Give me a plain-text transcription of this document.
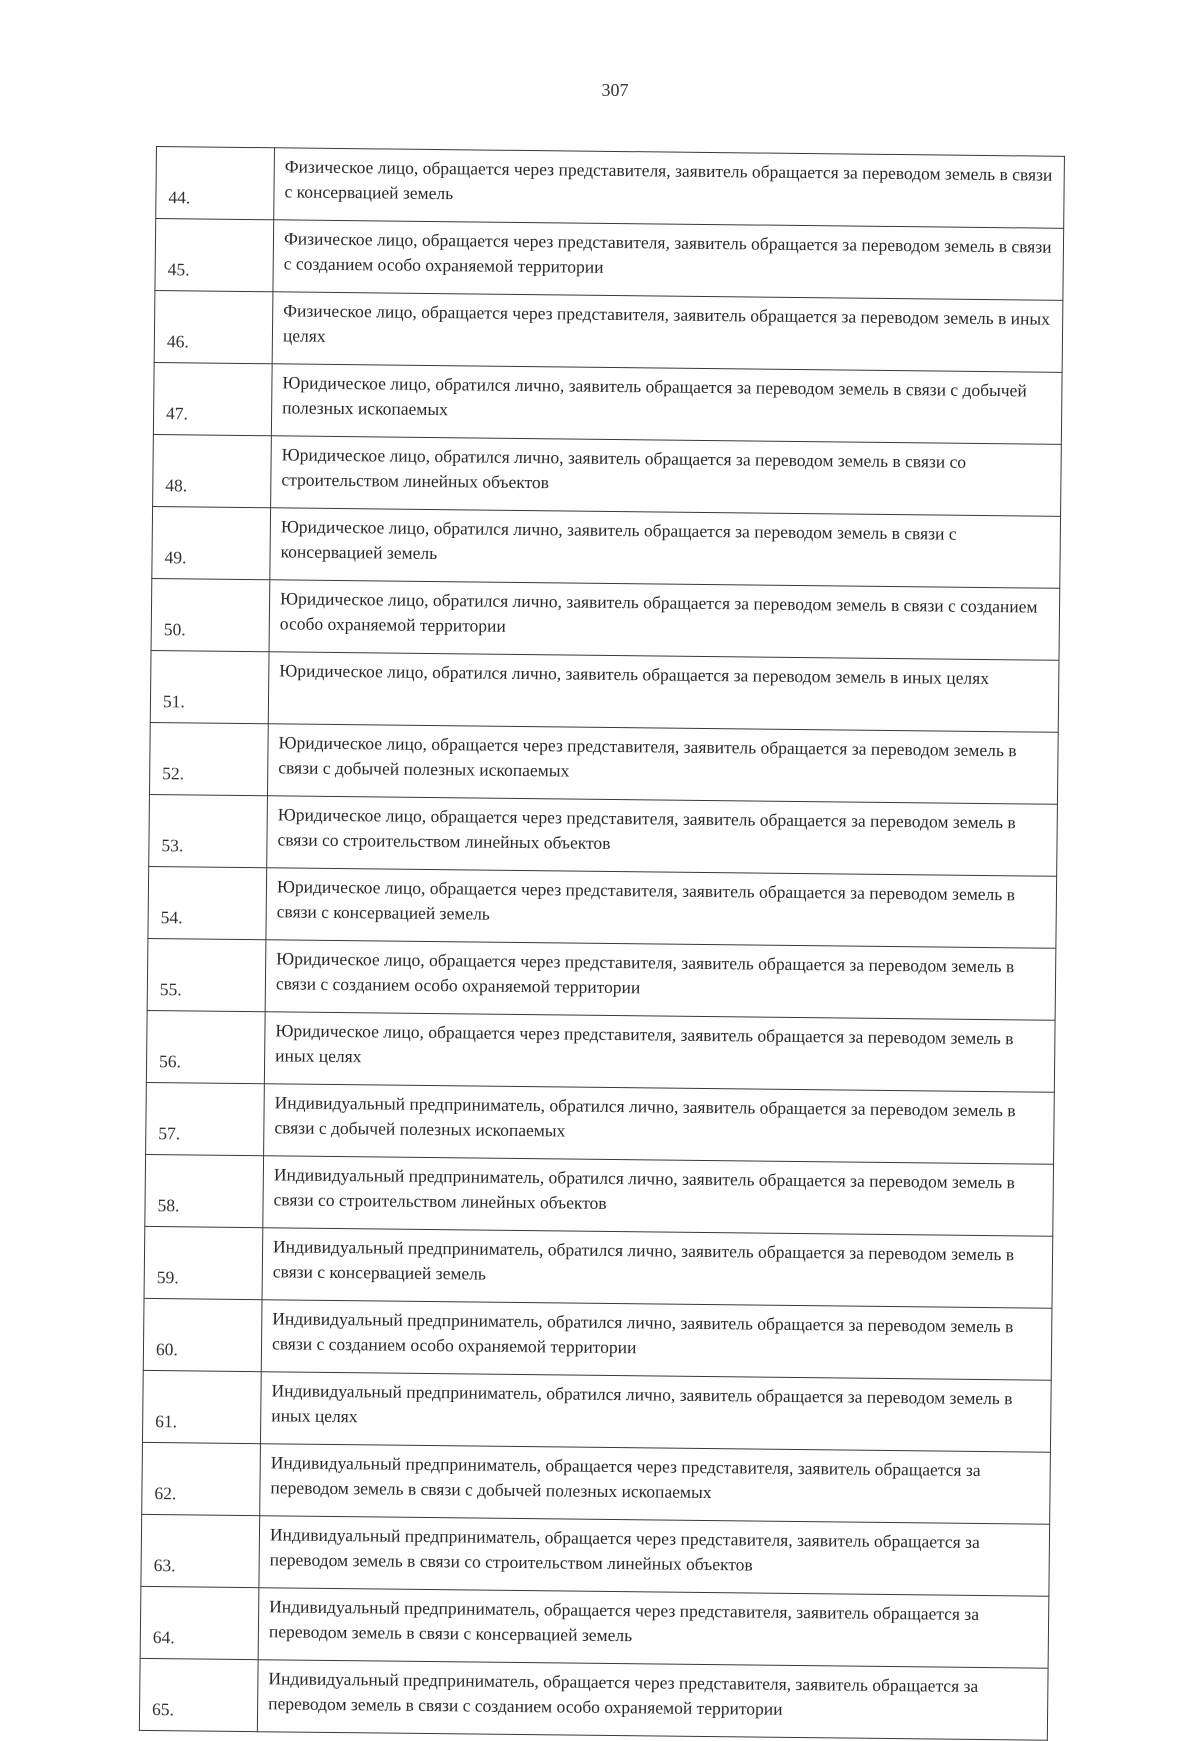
307
44.	Физическое лицо, обращается через представителя, заявитель обращается за переводом земель в связи с консервацией земель
45.	Физическое лицо, обращается через представителя, заявитель обращается за переводом земель в связи с созданием особо охраняемой территории
46.	Физическое лицо, обращается через представителя, заявитель обращается за переводом земель в иных целях
47.	Юридическое лицо, обратился лично, заявитель обращается за переводом земель в связи с добычей полезных ископаемых
48.	Юридическое лицо, обратился лично, заявитель обращается за переводом земель в связи со строительством линейных объектов
49.	Юридическое лицо, обратился лично, заявитель обращается за переводом земель в связи с консервацией земель
50.	Юридическое лицо, обратился лично, заявитель обращается за переводом земель в связи с созданием особо охраняемой территории
51.	Юридическое лицо, обратился лично, заявитель обращается за переводом земель в иных целях
52.	Юридическое лицо, обращается через представителя, заявитель обращается за переводом земель в связи с добычей полезных ископаемых
53.	Юридическое лицо, обращается через представителя, заявитель обращается за переводом земель в связи со строительством линейных объектов
54.	Юридическое лицо, обращается через представителя, заявитель обращается за переводом земель в связи с консервацией земель
55.	Юридическое лицо, обращается через представителя, заявитель обращается за переводом земель в связи с созданием особо охраняемой территории
56.	Юридическое лицо, обращается через представителя, заявитель обращается за переводом земель в иных целях
57.	Индивидуальный предприниматель, обратился лично, заявитель обращается за переводом земель в связи с добычей полезных ископаемых
58.	Индивидуальный предприниматель, обратился лично, заявитель обращается за переводом земель в связи со строительством линейных объектов
59.	Индивидуальный предприниматель, обратился лично, заявитель обращается за переводом земель в связи с консервацией земель
60.	Индивидуальный предприниматель, обратился лично, заявитель обращается за переводом земель в связи с созданием особо охраняемой территории
61.	Индивидуальный предприниматель, обратился лично, заявитель обращается за переводом земель в иных целях
62.	Индивидуальный предприниматель, обращается через представителя, заявитель обращается за переводом земель в связи с добычей полезных ископаемых
63.	Индивидуальный предприниматель, обращается через представителя, заявитель обращается за переводом земель в связи со строительством линейных объектов
64.	Индивидуальный предприниматель, обращается через представителя, заявитель обращается за переводом земель в связи с консервацией земель
65.	Индивидуальный предприниматель, обращается через представителя, заявитель обращается за переводом земель в связи с созданием особо охраняемой территории
